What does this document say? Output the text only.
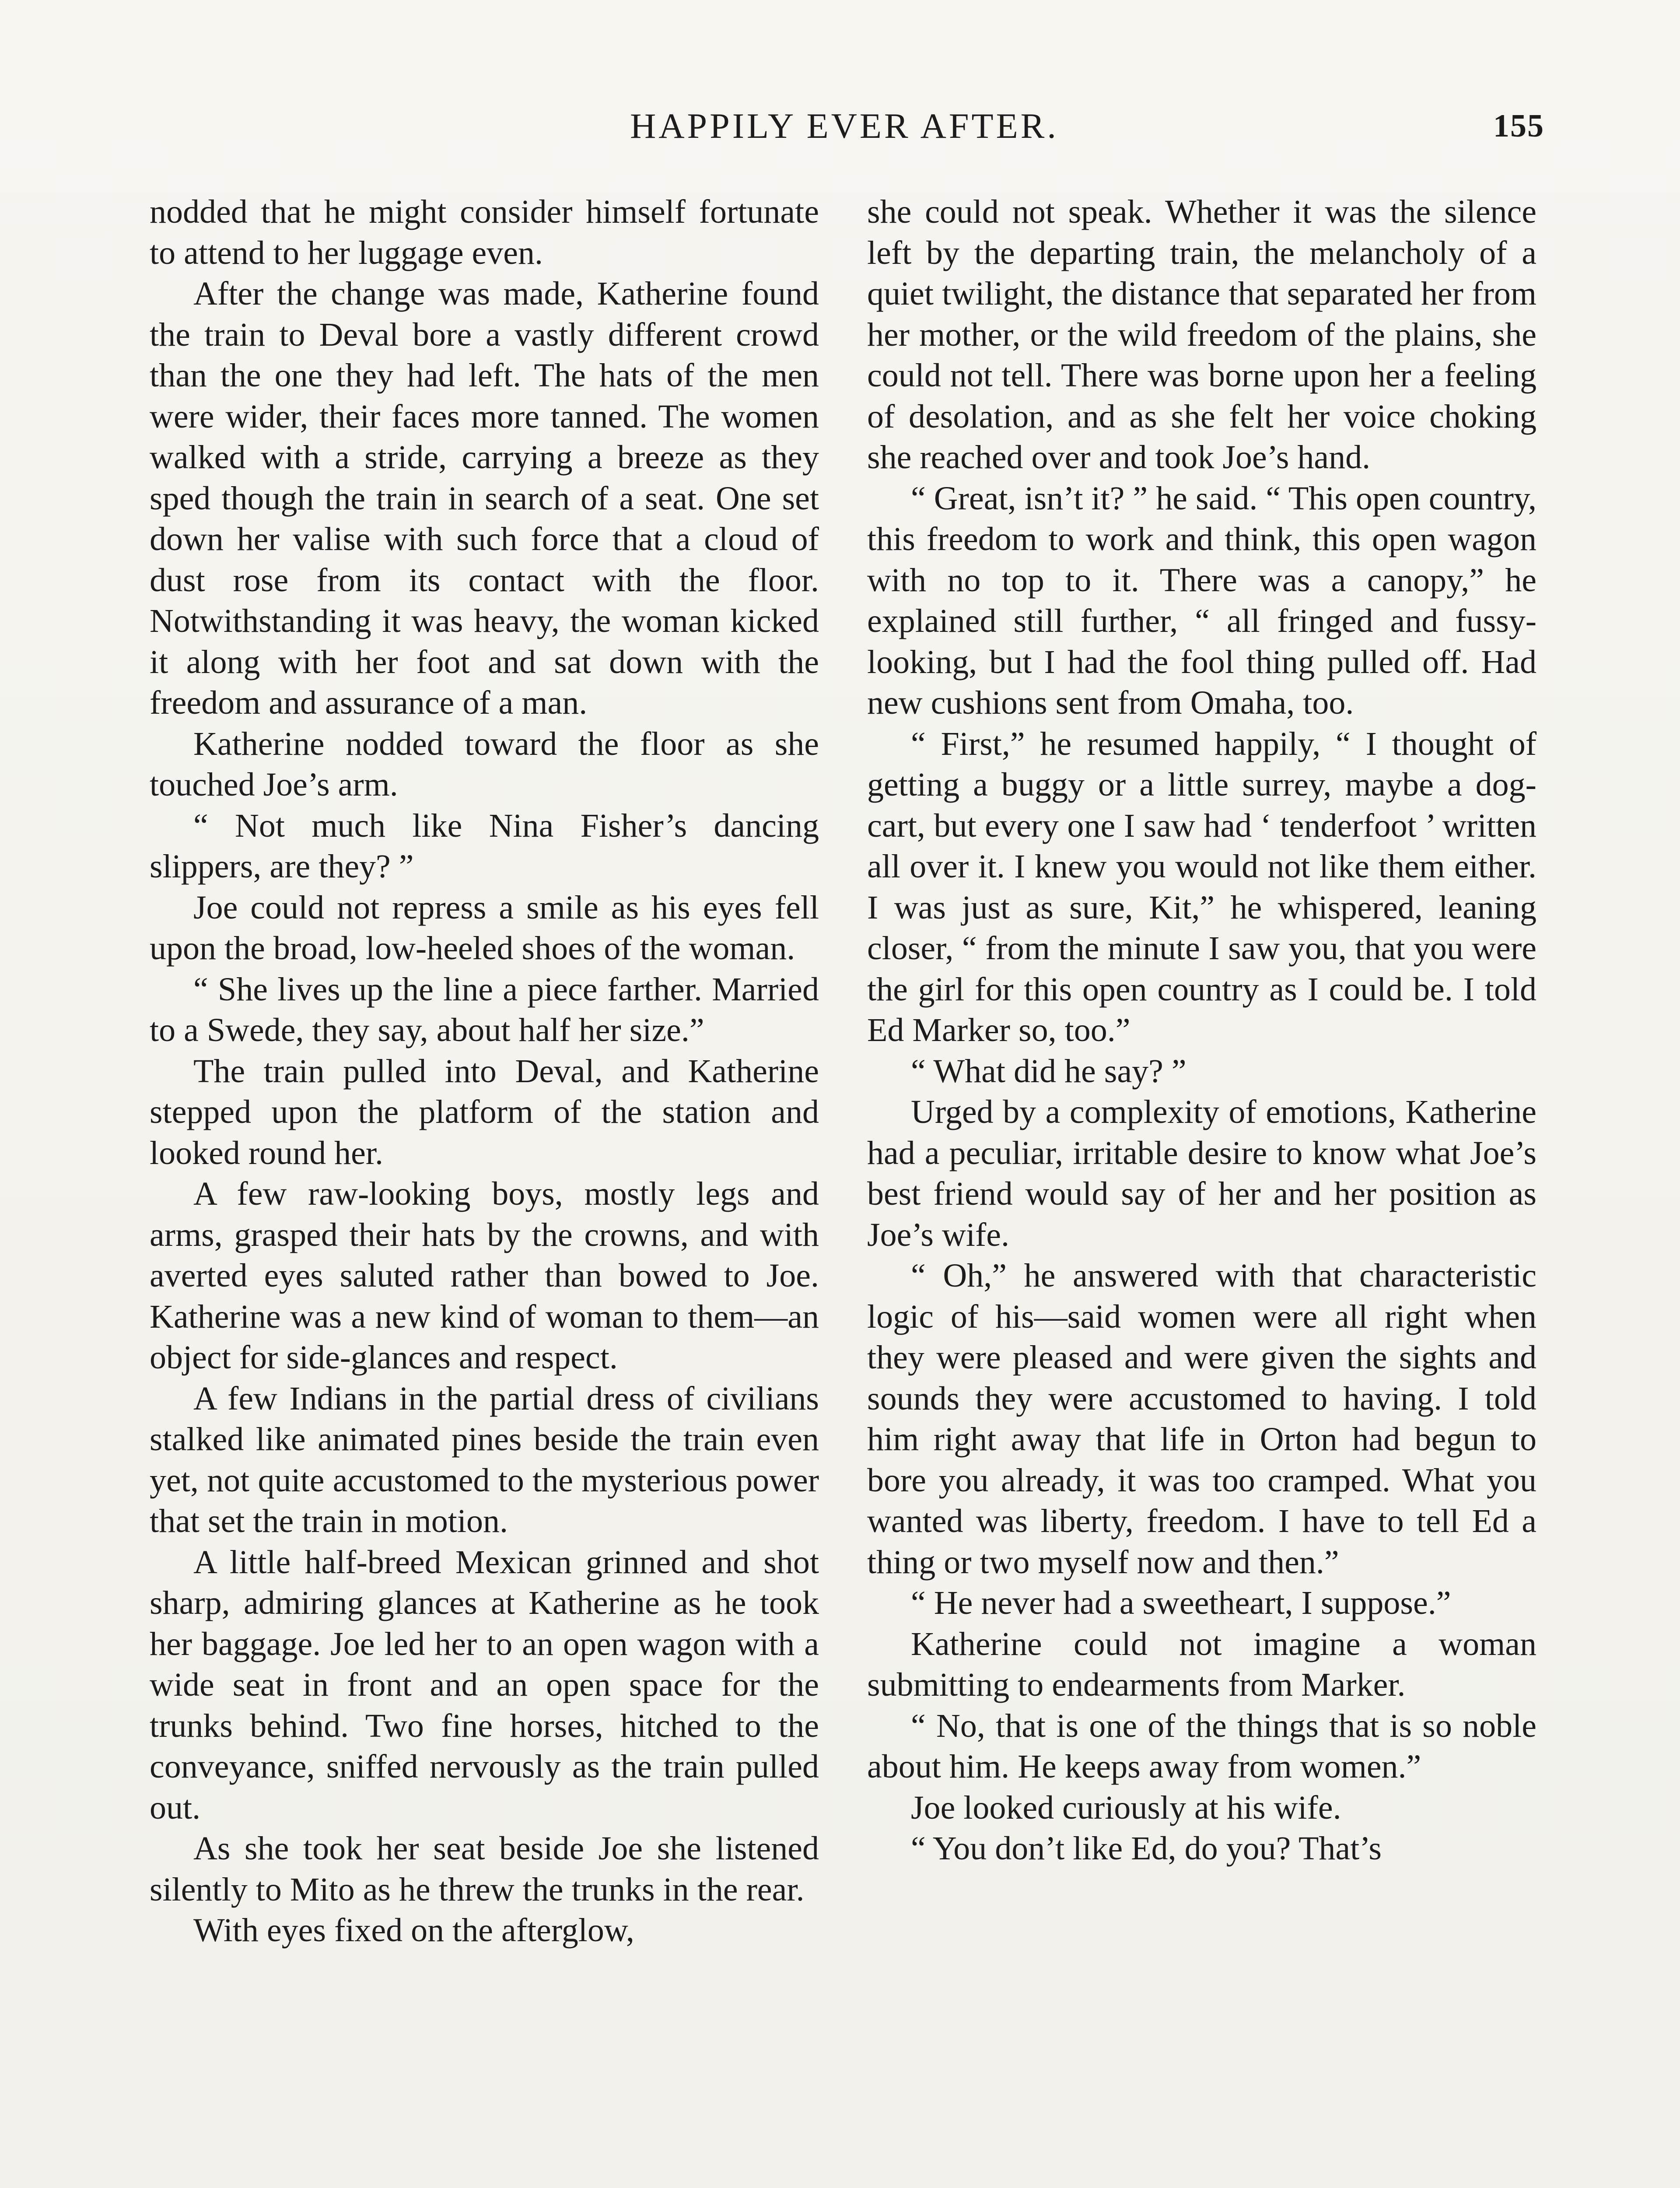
HAPPILY EVER AFTER.	155

nodded that he might consider himself fortunate to attend to her luggage even.

After the change was made, Katherine found the train to Deval bore a vastly different crowd than the one they had left. The hats of the men were wider, their faces more tanned. The women walked with a stride, carrying a breeze as they sped though the train in search of a seat. One set down her valise with such force that a cloud of dust rose from its contact with the floor. Notwithstanding it was heavy, the woman kicked it along with her foot and sat down with the freedom and assurance of a man.

Katherine nodded toward the floor as she touched Joe’s arm.

“ Not much like Nina Fisher’s dancing slippers, are they? ”

Joe could not repress a smile as his eyes fell upon the broad, low-heeled shoes of the woman.

“ She lives up the line a piece farther. Married to a Swede, they say, about half her size.”

The train pulled into Deval, and Katherine stepped upon the platform of the station and looked round her.

A few raw-looking boys, mostly legs and arms, grasped their hats by the crowns, and with averted eyes saluted rather than bowed to Joe. Katherine was a new kind of woman to them—an object for side-glances and respect.

A few Indians in the partial dress of civilians stalked like animated pines beside the train even yet, not quite accustomed to the mysterious power that set the train in motion.

A little half-breed Mexican grinned and shot sharp, admiring glances at Katherine as he took her baggage. Joe led her to an open wagon with a wide seat in front and an open space for the trunks behind. Two fine horses, hitched to the conveyance, sniffed nervously as the train pulled out.

As she took her seat beside Joe she listened silently to Mito as he threw the trunks in the rear.

With eyes fixed on the afterglow,

she could not speak. Whether it was the silence left by the departing train, the melancholy of a quiet twilight, the distance that separated her from her mother, or the wild freedom of the plains, she could not tell. There was borne upon her a feeling of desolation, and as she felt her voice choking she reached over and took Joe’s hand.

“ Great, isn’t it? ” he said. “ This open country, this freedom to work and think, this open wagon with no top to it. There was a canopy,” he explained still further, “ all fringed and fussy-looking, but I had the fool thing pulled off. Had new cushions sent from Omaha, too.

“ First,” he resumed happily, “ I thought of getting a buggy or a little surrey, maybe a dog-cart, but every one I saw had ‘ tenderfoot ’ written all over it. I knew you would not like them either. I was just as sure, Kit,” he whispered, leaning closer, “ from the minute I saw you, that you were the girl for this open country as I could be. I told Ed Marker so, too.”

“ What did he say? ”

Urged by a complexity of emotions, Katherine had a peculiar, irritable desire to know what Joe’s best friend would say of her and her position as Joe’s wife.

“ Oh,” he answered with that characteristic logic of his—said women were all right when they were pleased and were given the sights and sounds they were accustomed to having. I told him right away that life in Orton had begun to bore you already, it was too cramped. What you wanted was liberty, freedom. I have to tell Ed a thing or two myself now and then.”

“ He never had a sweetheart, I suppose.”

Katherine could not imagine a woman submitting to endearments from Marker.

“ No, that is one of the things that is so noble about him. He keeps away from women.”

Joe looked curiously at his wife.

“ You don’t like Ed, do you? That’s
